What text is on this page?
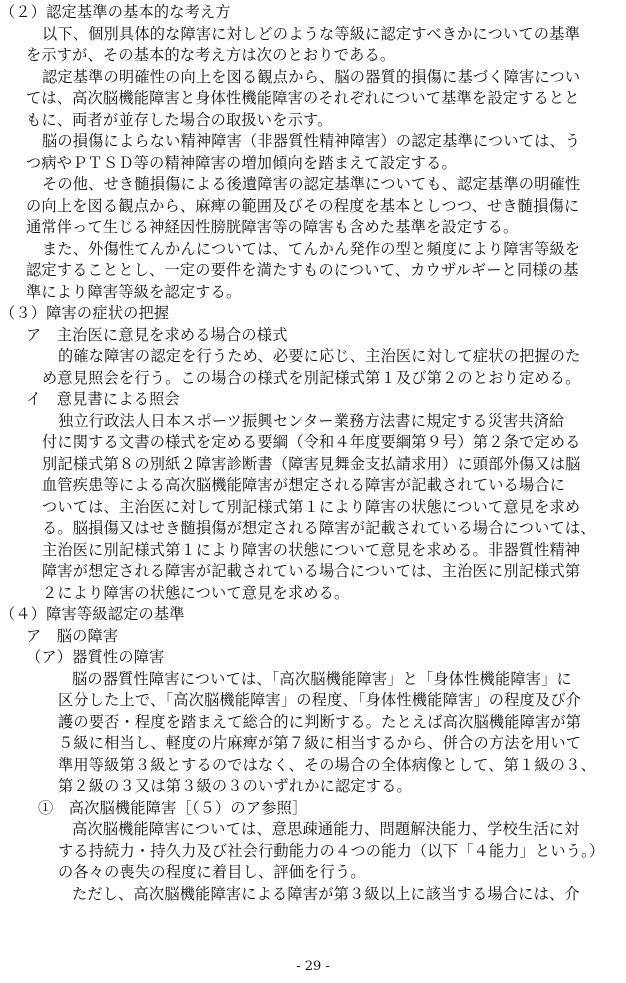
（２）認定基準の基本的な考え方
以下、個別具体的な障害に対しどのような等級に認定すべきかについての基準
を示すが、その基本的な考え方は次のとおりである。
認定基準の明確性の向上を図る観点から、脳の器質的損傷に基づく障害につい
ては、高次脳機能障害と身体性機能障害のそれぞれについて基準を設定するとと
もに、両者が並存した場合の取扱いを示す。
脳の損傷によらない精神障害（非器質性精神障害）の認定基準については、う
つ病やＰＴＳＤ等の精神障害の増加傾向を踏まえて設定する。
その他、せき髄損傷による後遺障害の認定基準についても、認定基準の明確性
の向上を図る観点から、麻痺の範囲及びその程度を基本としつつ、せき髄損傷に
通常伴って生じる神経因性膀胱障害等の障害も含めた基準を設定する。
また、外傷性てんかんについては、てんかん発作の型と頻度により障害等級を
認定することとし、一定の要件を満たすものについて、カウザルギーと同様の基
準により障害等級を認定する。
（３）障害の症状の把握
ア　主治医に意見を求める場合の様式
的確な障害の認定を行うため、必要に応じ、主治医に対して症状の把握のた
め意見照会を行う。この場合の様式を別記様式第１及び第２のとおり定める。
イ　意見書による照会
独立行政法人日本スポーツ振興センター業務方法書に規定する災害共済給
付に関する文書の様式を定める要綱（令和４年度要綱第９号）第２条で定める
別記様式第８の別紙２障害診断書（障害見舞金支払請求用）に頭部外傷又は脳
血管疾患等による高次脳機能障害が想定される障害が記載されている場合に
ついては、主治医に対して別記様式第１により障害の状態について意見を求め
る。脳損傷又はせき髄損傷が想定される障害が記載されている場合については、
主治医に別記様式第１により障害の状態について意見を求める。非器質性精神
障害が想定される障害が記載されている場合については、主治医に別記様式第
２により障害の状態について意見を求める。
（４）障害等級認定の基準
ア　脳の障害
（ア）器質性の障害
脳の器質性障害については、「高次脳機能障害」と「身体性機能障害」に
区分した上で、「高次脳機能障害」の程度、「身体性機能障害」の程度及び介
護の要否・程度を踏まえて総合的に判断する。たとえば高次脳機能障害が第
５級に相当し、軽度の片麻痺が第７級に相当するから、併合の方法を用いて
準用等級第３級とするのではなく、その場合の全体病像として、第１級の３、
第２級の３又は第３級の３のいずれかに認定する。
①　高次脳機能障害［（５）のア参照］
高次脳機能障害については、意思疎通能力、問題解決能力、学校生活に対
する持続力・持久力及び社会行動能力の４つの能力（以下「４能力」という。）
の各々の喪失の程度に着目し、評価を行う。
ただし、高次脳機能障害による障害が第３級以上に該当する場合には、介
- 29 -
